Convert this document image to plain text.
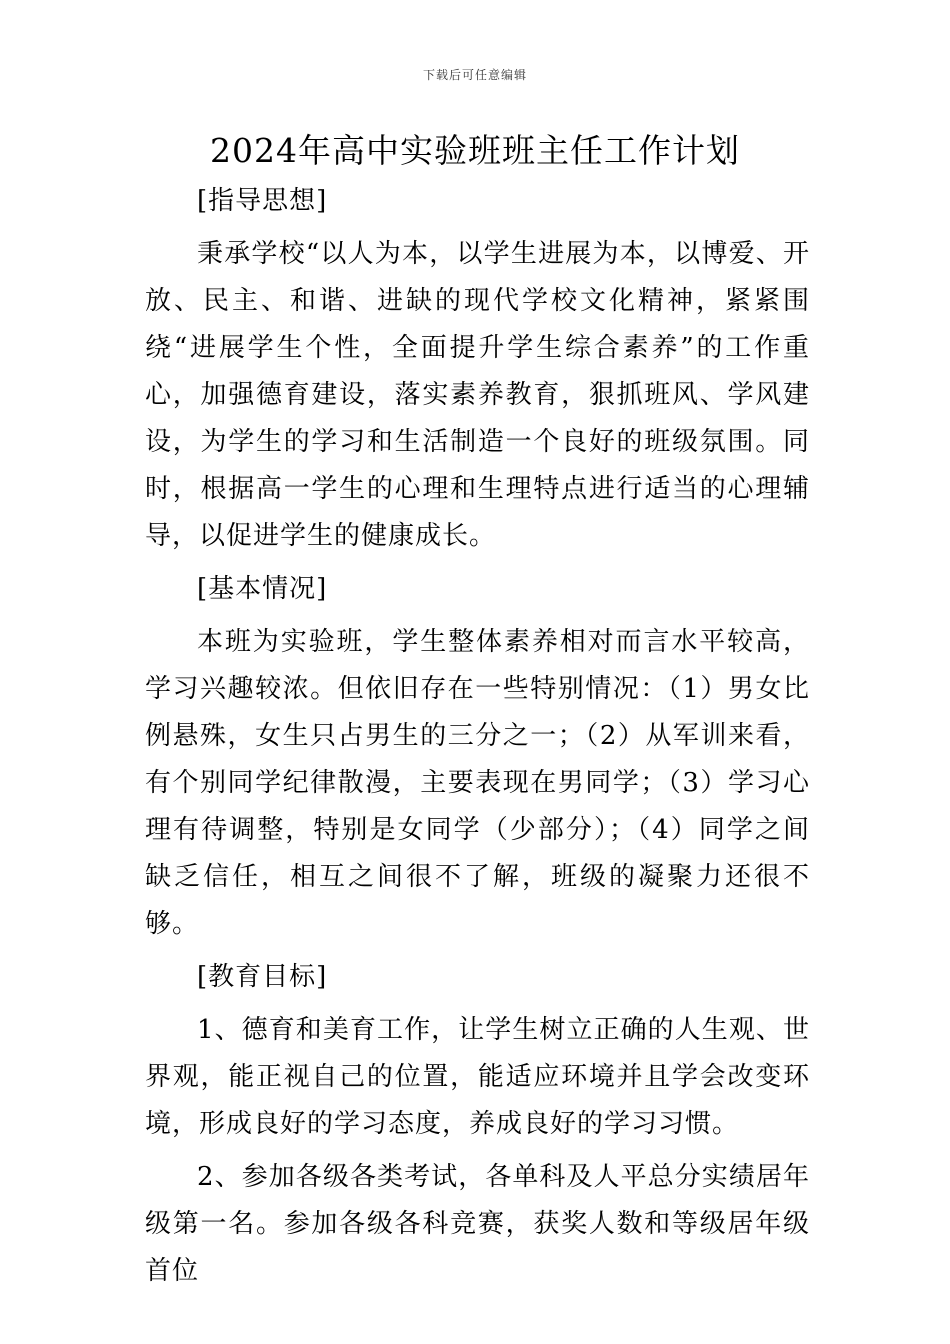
下载后可任意编辑
2024年高中实验班班主任工作计划

[指导思想]

秉承学校“以人为本，以学生进展为本，以博爱、开放、民主、和谐、进缺的现代学校文化精神，紧紧围绕“进展学生个性，全面提升学生综合素养”的工作重心，加强德育建设，落实素养教育，狠抓班风、学风建设，为学生的学习和生活制造一个良好的班级氛围。同时，根据高一学生的心理和生理特点进行适当的心理辅导，以促进学生的健康成长。

[基本情况]

本班为实验班，学生整体素养相对而言水平较高，学习兴趣较浓。但依旧存在一些特别情况：（1）男女比例悬殊，女生只占男生的三分之一；（2）从军训来看，有个别同学纪律散漫，主要表现在男同学；（3）学习心理有待调整，特别是女同学（少部分）；（4）同学之间缺乏信任，相互之间很不了解，班级的凝聚力还很不够。

[教育目标]

1、德育和美育工作，让学生树立正确的人生观、世界观，能正视自己的位置，能适应环境并且学会改变环境，形成良好的学习态度，养成良好的学习习惯。

2、参加各级各类考试，各单科及人平总分实绩居年级第一名。参加各级各科竞赛，获奖人数和等级居年级首位
